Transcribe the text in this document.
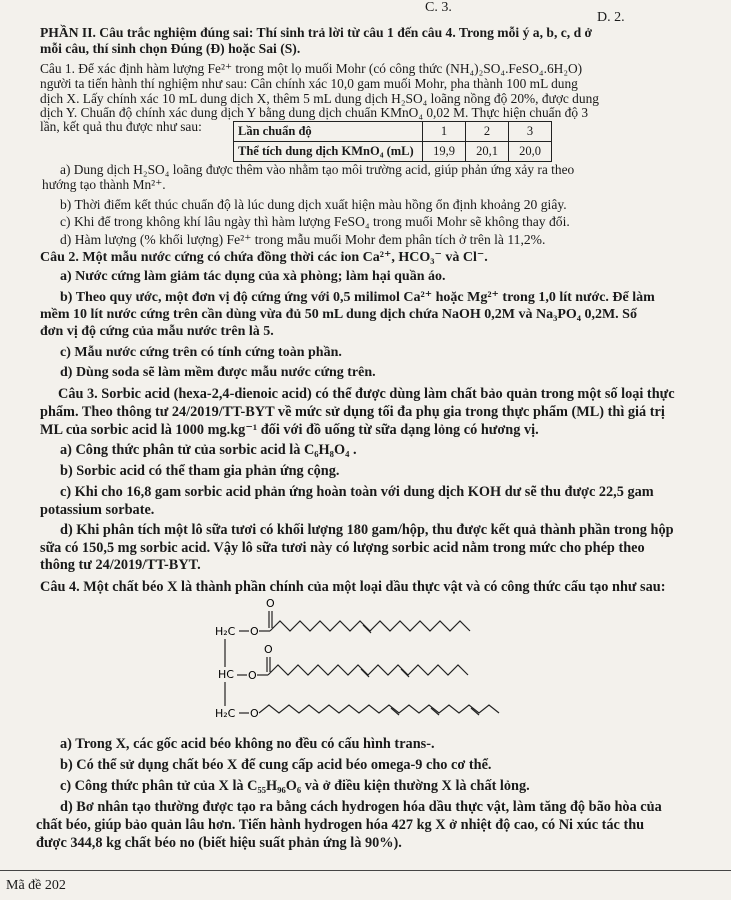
C. 3.
D. 2.
PHẦN II. Câu trắc nghiệm đúng sai: Thí sinh trả lời từ câu 1 đến câu 4. Trong mỗi ý a, b, c, d ở
mỗi câu, thí sinh chọn Đúng (Đ) hoặc Sai (S).
Câu 1. Để xác định hàm lượng Fe²⁺ trong một lọ muối Mohr (có công thức (NH₄)₂SO₄.FeSO₄.6H₂O)
người ta tiến hành thí nghiệm như sau: Cân chính xác 10,0 gam muối Mohr, pha thành 100 mL dung
dịch X. Lấy chính xác 10 mL dung dịch X, thêm 5 mL dung dịch H₂SO₄ loãng nồng độ 20%, được dung
dịch Y. Chuẩn độ chính xác dung dịch Y bằng dung dịch chuẩn KMnO₄ 0,02 M. Thực hiện chuẩn độ 3
lần, kết quả thu được như sau:	Lần chuẩn độ	1	2	3
Thể tích dung dịch KMnO₄ (mL)	19,9	20,1	20,0
a) Dung dịch H₂SO₄ loãng được thêm vào nhằm tạo môi trường acid, giúp phản ứng xảy ra theo
hướng tạo thành Mn²⁺.
b) Thời điểm kết thúc chuẩn độ là lúc dung dịch xuất hiện màu hồng ổn định khoảng 20 giây.
c) Khi để trong không khí lâu ngày thì hàm lượng FeSO₄ trong muối Mohr sẽ không thay đổi.
d) Hàm lượng (% khối lượng) Fe²⁺ trong mẫu muối Mohr đem phân tích ở trên là 11,2%.
Câu 2. Một mẫu nước cứng có chứa đồng thời các ion Ca²⁺, HCO₃⁻ và Cl⁻.
a) Nước cứng làm giảm tác dụng của xà phòng; làm hại quần áo.
b) Theo quy ước, một đơn vị độ cứng ứng với 0,5 milimol Ca²⁺ hoặc Mg²⁺ trong 1,0 lít nước. Để làm
mềm 10 lít nước cứng trên cần dùng vừa đủ 50 mL dung dịch chứa NaOH 0,2M và Na₃PO₄ 0,2M. Số
đơn vị độ cứng của mẫu nước trên là 5.
c) Mẫu nước cứng trên có tính cứng toàn phần.
d) Dùng soda sẽ làm mềm được mẫu nước cứng trên.
Câu 3. Sorbic acid (hexa-2,4-dienoic acid) có thể được dùng làm chất bảo quản trong một số loại thực
phẩm. Theo thông tư 24/2019/TT-BYT về mức sử dụng tối đa phụ gia trong thực phẩm (ML) thì giá trị
ML của sorbic acid là 1000 mg.kg⁻¹ đối với đồ uống từ sữa dạng lỏng có hương vị.
a) Công thức phân tử của sorbic acid là C₆H₈O₄ .
b) Sorbic acid có thể tham gia phản ứng cộng.
c) Khi cho 16,8 gam sorbic acid phản ứng hoàn toàn với dung dịch KOH dư sẽ thu được 22,5 gam
potassium sorbate.
d) Khi phân tích một lô sữa tươi có khối lượng 180 gam/hộp, thu được kết quả thành phần trong hộp
sữa có 150,5 mg sorbic acid. Vậy lô sữa tươi này có lượng sorbic acid nằm trong mức cho phép theo
thông tư 24/2019/TT-BYT.
Câu 4. Một chất béo X là thành phần chính của một loại dầu thực vật và có công thức cấu tạo như sau:
H₂C
HC
H₂C
O
O
O
O
O
a) Trong X, các gốc acid béo không no đều có cấu hình trans-.
b) Có thể sử dụng chất béo X để cung cấp acid béo omega-9 cho cơ thể.
c) Công thức phân tử của X là C₅₅H₉₆O₆ và ở điều kiện thường X là chất lỏng.
d) Bơ nhân tạo thường được tạo ra bằng cách hydrogen hóa dầu thực vật, làm tăng độ bão hòa của
chất béo, giúp bảo quản lâu hơn. Tiến hành hydrogen hóa 427 kg X ở nhiệt độ cao, có Ni xúc tác thu
được 344,8 kg chất béo no (biết hiệu suất phản ứng là 90%).
Mã đề 202
